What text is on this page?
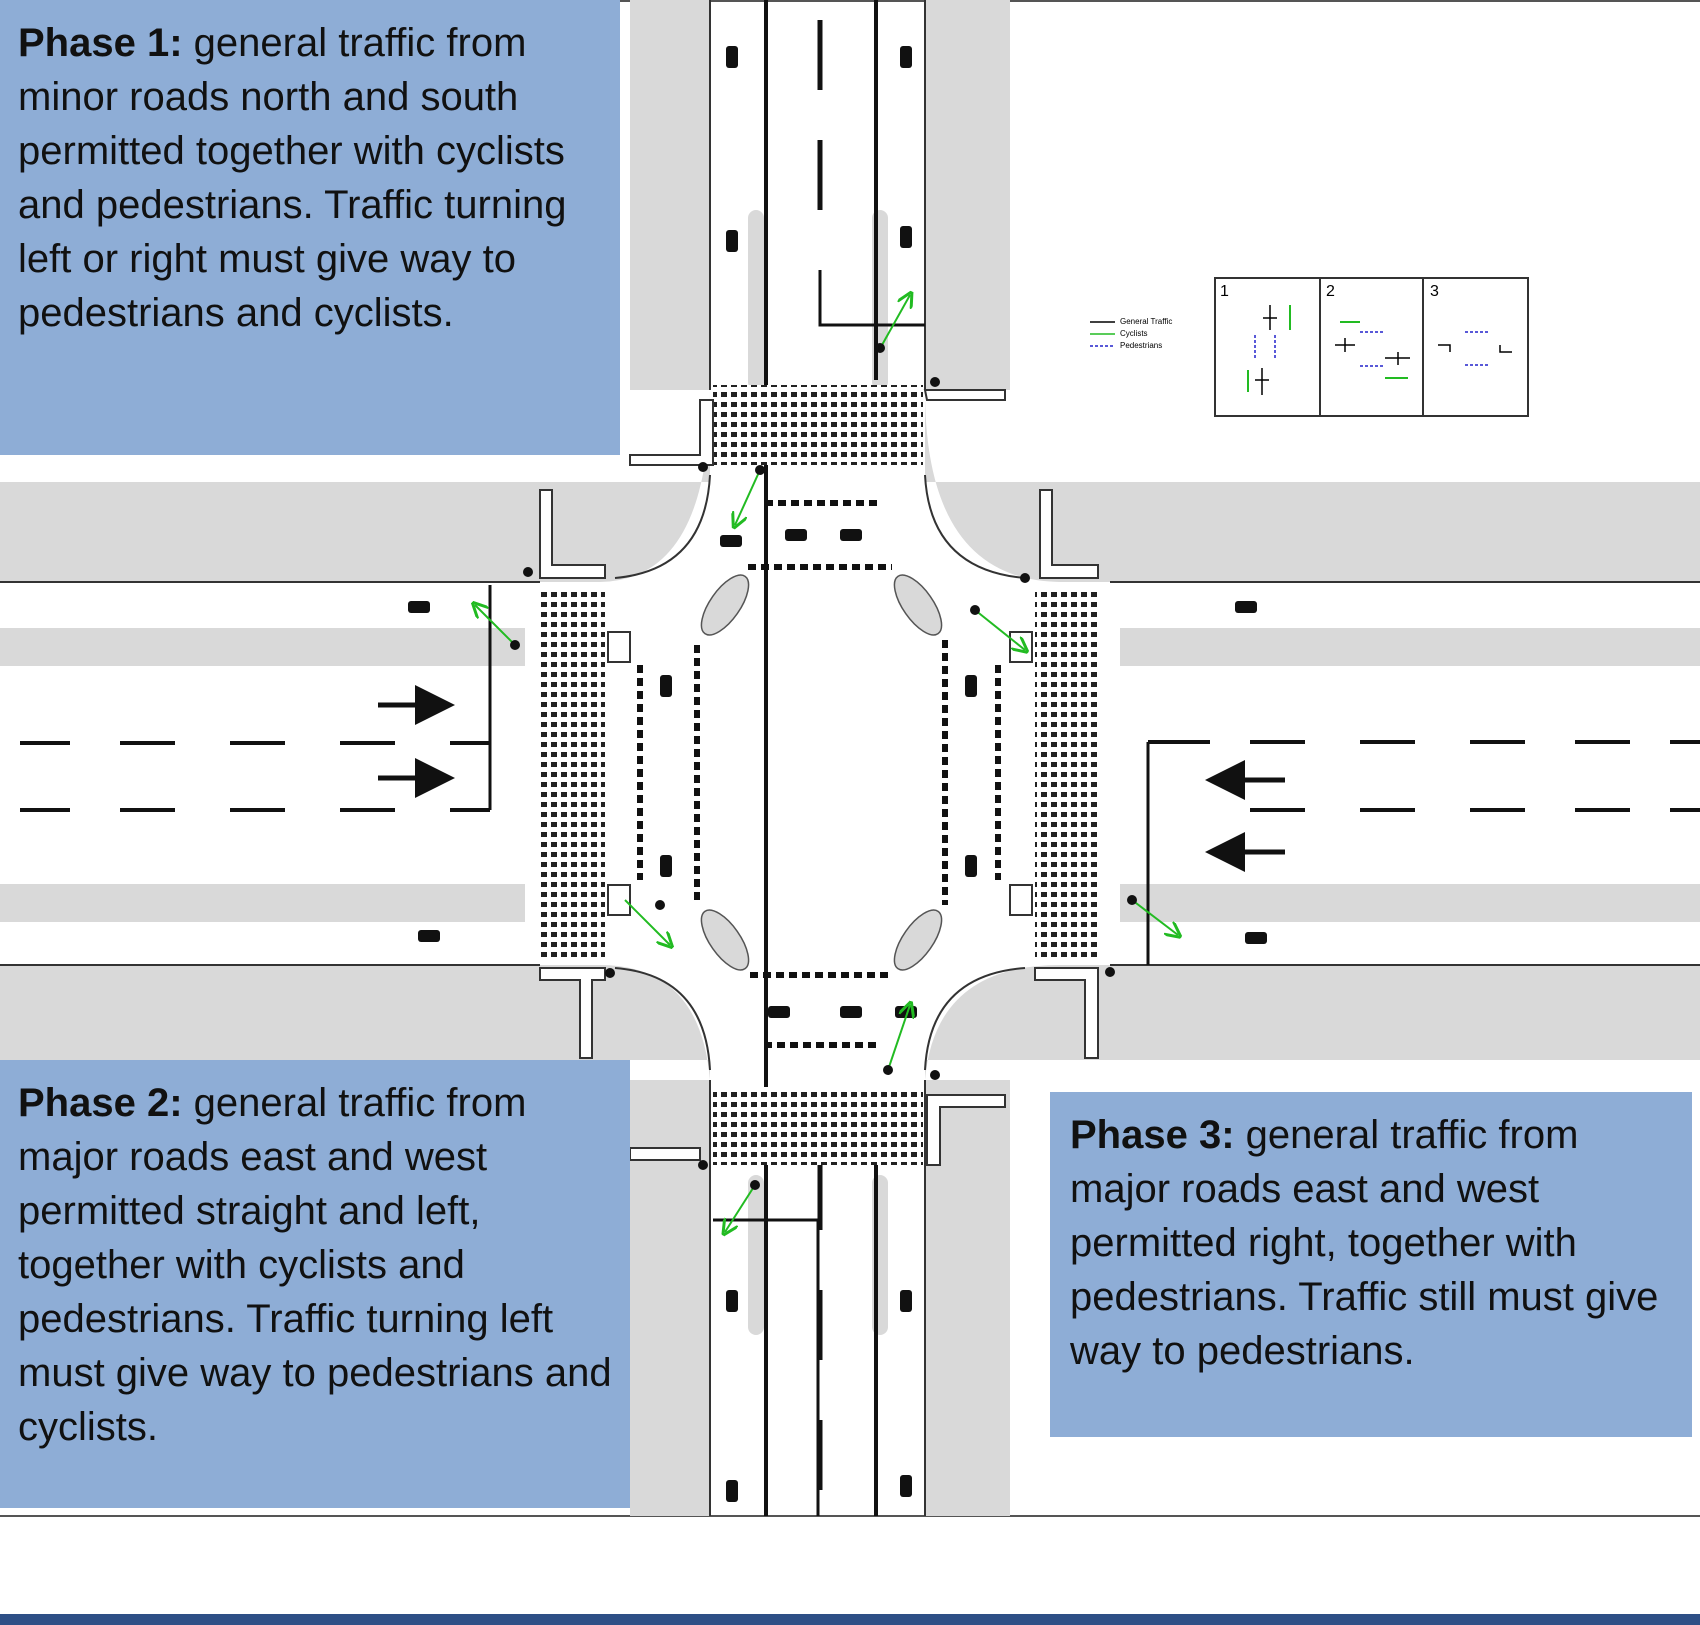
General Traffic
Cyclists
Pedestrians
1	2	3
Phase 1: general traffic from minor roads north and south permitted together with cyclists and pedestrians. Traffic turning left or right must give way to pedestrians and cyclists.
Phase 2: general traffic from major roads east and west permitted straight and left, together with cyclists and pedestrians. Traffic turning left must give way to pedestrians and cyclists.
Phase 3: general traffic from major roads east and west permitted right, together with pedestrians. Traffic still must give way to pedestrians.
